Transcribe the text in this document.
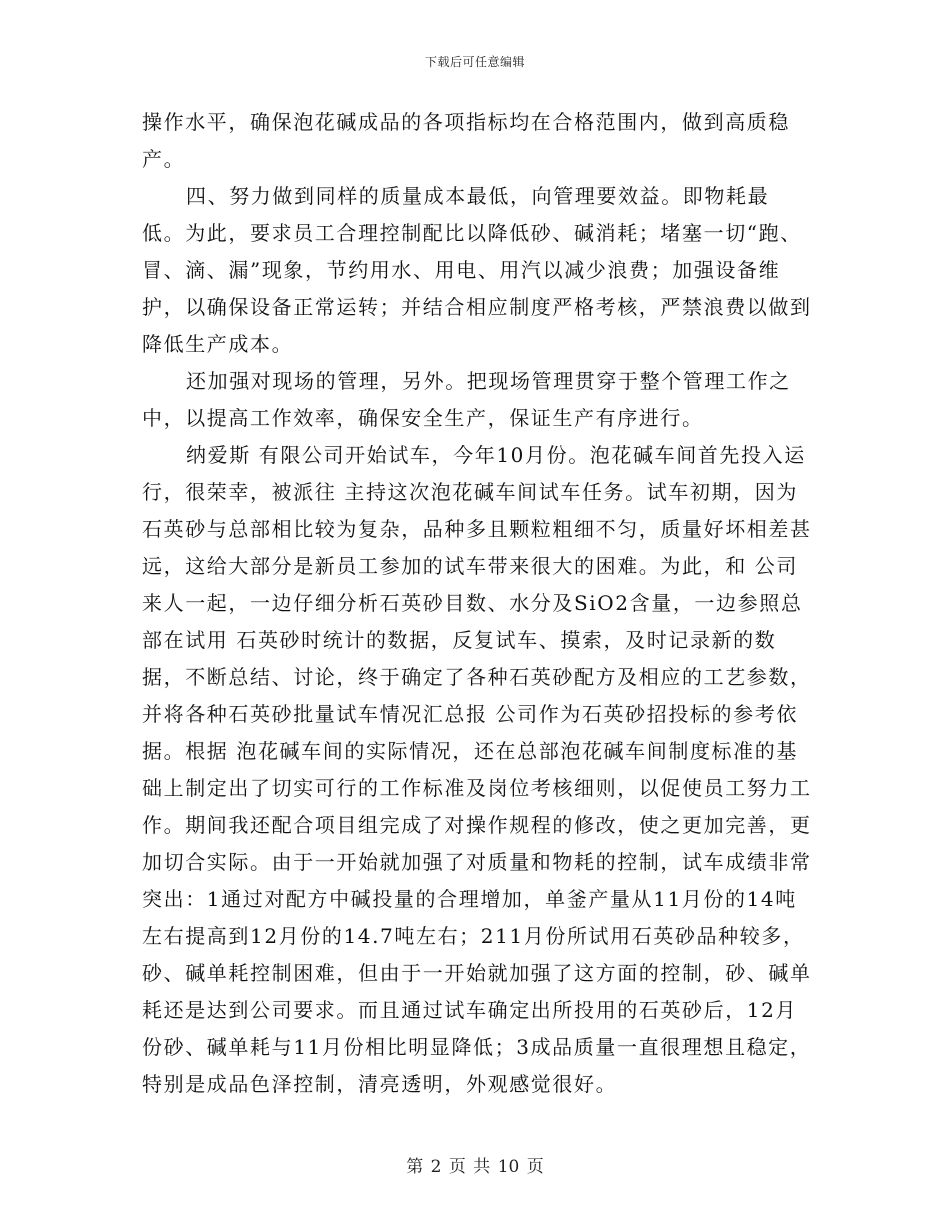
下载后可任意编辑

操作水平，确保泡花碱成品的各项指标均在合格范围内，做到高质稳产。

四、努力做到同样的质量成本最低，向管理要效益。即物耗最低。为此，要求员工合理控制配比以降低砂、碱消耗；堵塞一切“跑、冒、滴、漏”现象，节约用水、用电、用汽以减少浪费；加强设备维护，以确保设备正常运转；并结合相应制度严格考核，严禁浪费以做到降低生产成本。

还加强对现场的管理，另外。把现场管理贯穿于整个管理工作之中，以提高工作效率，确保安全生产，保证生产有序进行。

纳爱斯 有限公司开始试车，今年10月份。泡花碱车间首先投入运行，很荣幸，被派往 主持这次泡花碱车间试车任务。试车初期，因为 石英砂与总部相比较为复杂，品种多且颗粒粗细不匀，质量好坏相差甚远，这给大部分是新员工参加的试车带来很大的困难。为此，和 公司来人一起，一边仔细分析石英砂目数、水分及SiO2含量，一边参照总部在试用 石英砂时统计的数据，反复试车、摸索，及时记录新的数据，不断总结、讨论，终于确定了各种石英砂配方及相应的工艺参数，并将各种石英砂批量试车情况汇总报 公司作为石英砂招投标的参考依据。根据 泡花碱车间的实际情况，还在总部泡花碱车间制度标准的基础上制定出了切实可行的工作标准及岗位考核细则，以促使员工努力工作。期间我还配合项目组完成了对操作规程的修改，使之更加完善，更加切合实际。由于一开始就加强了对质量和物耗的控制，试车成绩非常突出：1通过对配方中碱投量的合理增加，单釜产量从11月份的14吨左右提高到12月份的14.7吨左右；211月份所试用石英砂品种较多，砂、碱单耗控制困难，但由于一开始就加强了这方面的控制，砂、碱单耗还是达到公司要求。而且通过试车确定出所投用的石英砂后，12月份砂、碱单耗与11月份相比明显降低；3成品质量一直很理想且稳定，特别是成品色泽控制，清亮透明，外观感觉很好。

第 2 页 共 10 页
